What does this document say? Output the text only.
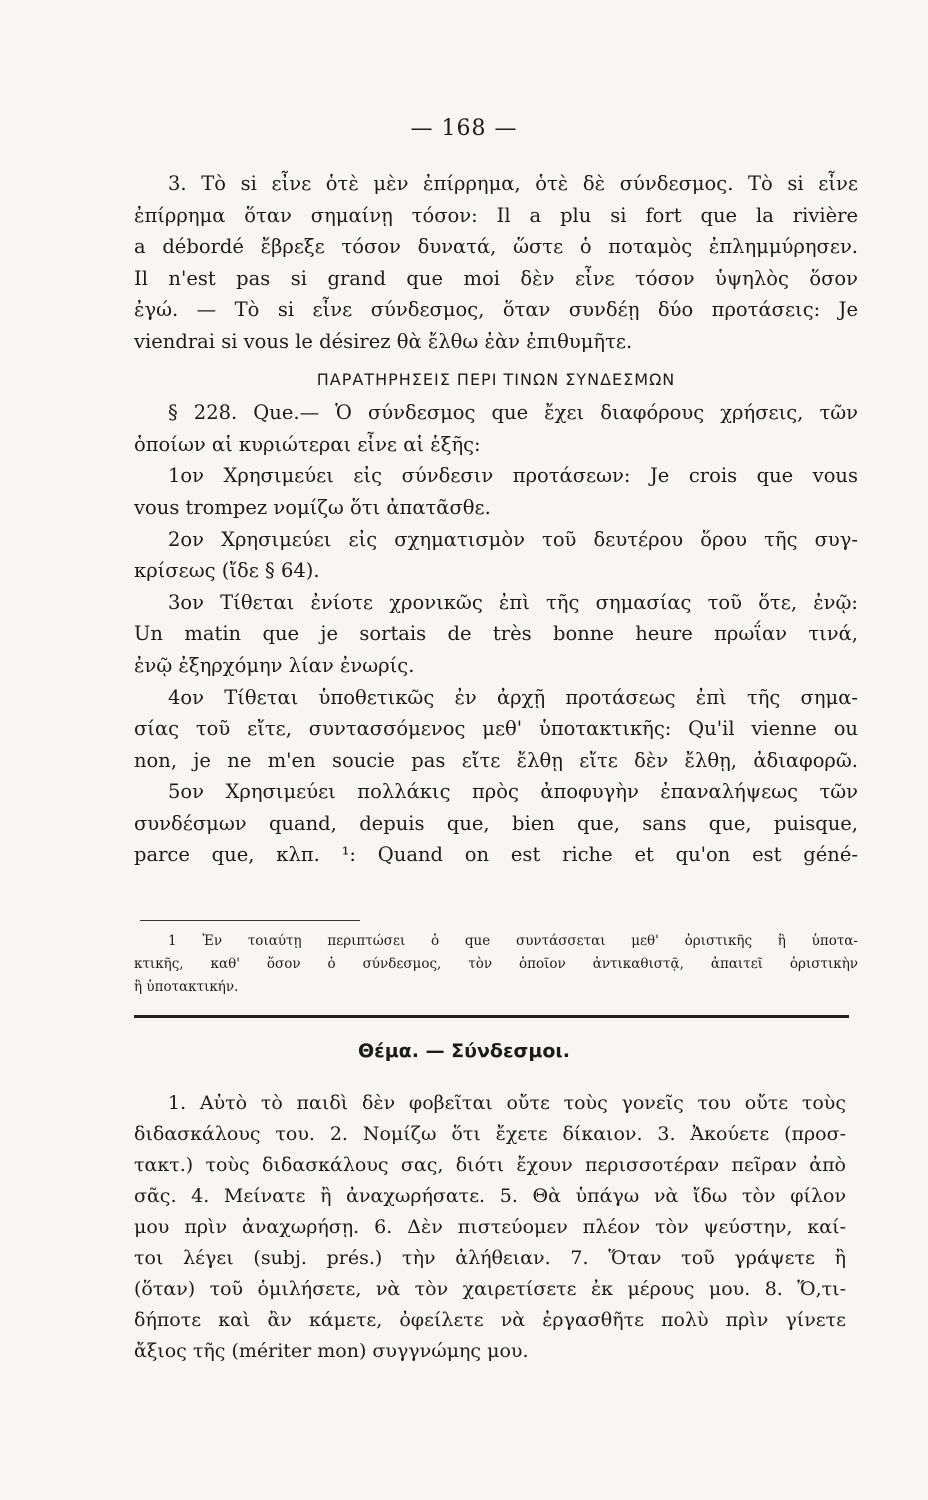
— 168 —
3. Τὸ si εἶνε ὁτὲ μὲν ἐπίρρημα, ὁτὲ δὲ σύνδεσμος. Τὸ si εἶνε
ἐπίρρημα ὅταν σημαίνῃ τόσον: Il a plu si fort que la rivière
a débordé ἔβρεξε τόσον δυνατά, ὥστε ὁ ποταμὸς ἐπλημμύρησεν.
Il n'est pas si grand que moi δὲν εἶνε τόσον ὑψηλὸς ὅσον
ἐγώ. — Τὸ si εἶνε σύνδεσμος, ὅταν συνδέῃ δύο προτάσεις: Je
viendrai si vous le désirez θὰ ἔλθω ἐὰν ἐπιθυμῆτε.
ΠΑΡΑΤΗΡΗΣΕΙΣ ΠΕΡΙ ΤΙΝΩΝ ΣΥΝΔΕΣΜΩΝ
§ 228. Que.— Ὁ σύνδεσμος que ἔχει διαφόρους χρήσεις, τῶν
ὁποίων αἱ κυριώτεραι εἶνε αἱ ἑξῆς:
1ον Χρησιμεύει εἰς σύνδεσιν προτάσεων: Je crois que vous
vous trompez νομίζω ὅτι ἀπατᾶσθε.
2ον Χρησιμεύει εἰς σχηματισμὸν τοῦ δευτέρου ὅρου τῆς συγ-
κρίσεως (ἴδε § 64).
3ον Τίθεται ἐνίοτε χρονικῶς ἐπὶ τῆς σημασίας τοῦ ὅτε, ἐνῷ:
Un matin que je sortais de très bonne heure πρωΐαν τινά,
ἐνῷ ἐξηρχόμην λίαν ἐνωρίς.
4ον Τίθεται ὑποθετικῶς ἐν ἀρχῇ προτάσεως ἐπὶ τῆς σημα-
σίας τοῦ εἴτε, συντασσόμενος μεθ' ὑποτακτικῆς: Qu'il vienne ou
non, je ne m'en soucie pas εἴτε ἔλθῃ εἴτε δὲν ἔλθῃ, ἀδιαφορῶ.
5ον Χρησιμεύει πολλάκις πρὸς ἀποφυγὴν ἐπαναλήψεως τῶν
συνδέσμων quand, depuis que, bien que, sans que, puisque,
parce que, κλπ. ¹: Quand on est riche et qu'on est géné-
1 Ἐν τοιαύτῃ περιπτώσει ὁ que συντάσσεται μεθ' ὁριστικῆς ἢ ὑποτα-
κτικῆς, καθ' ὅσον ὁ σύνδεσμος, τὸν ὁποῖον ἀντικαθιστᾷ, ἀπαιτεῖ ὁριστικὴν
ἢ ὑποτακτικήν.
Θέμα. — Σύνδεσμοι.
1. Αὐτὸ τὸ παιδὶ δὲν φοβεῖται οὔτε τοὺς γονεῖς του οὔτε τοὺς
διδασκάλους του. 2. Νομίζω ὅτι ἔχετε δίκαιον. 3. Ἀκούετε (προσ-
τακτ.) τοὺς διδασκάλους σας, διότι ἔχουν περισσοτέραν πεῖραν ἀπὸ
σᾶς. 4. Μείνατε ἢ ἀναχωρήσατε. 5. Θὰ ὑπάγω νὰ ἴδω τὸν φίλον
μου πρὶν ἀναχωρήσῃ. 6. Δὲν πιστεύομεν πλέον τὸν ψεύστην, καί-
τοι λέγει (subj. prés.) τὴν ἀλήθειαν. 7. Ὅταν τοῦ γράψετε ἢ
(ὅταν) τοῦ ὁμιλήσετε, νὰ τὸν χαιρετίσετε ἐκ μέρους μου. 8. Ὅ,τι-
δήποτε καὶ ἂν κάμετε, ὀφείλετε νὰ ἐργασθῆτε πολὺ πρὶν γίνετε
ἄξιος τῆς (mériter mon) συγγνώμης μου.
